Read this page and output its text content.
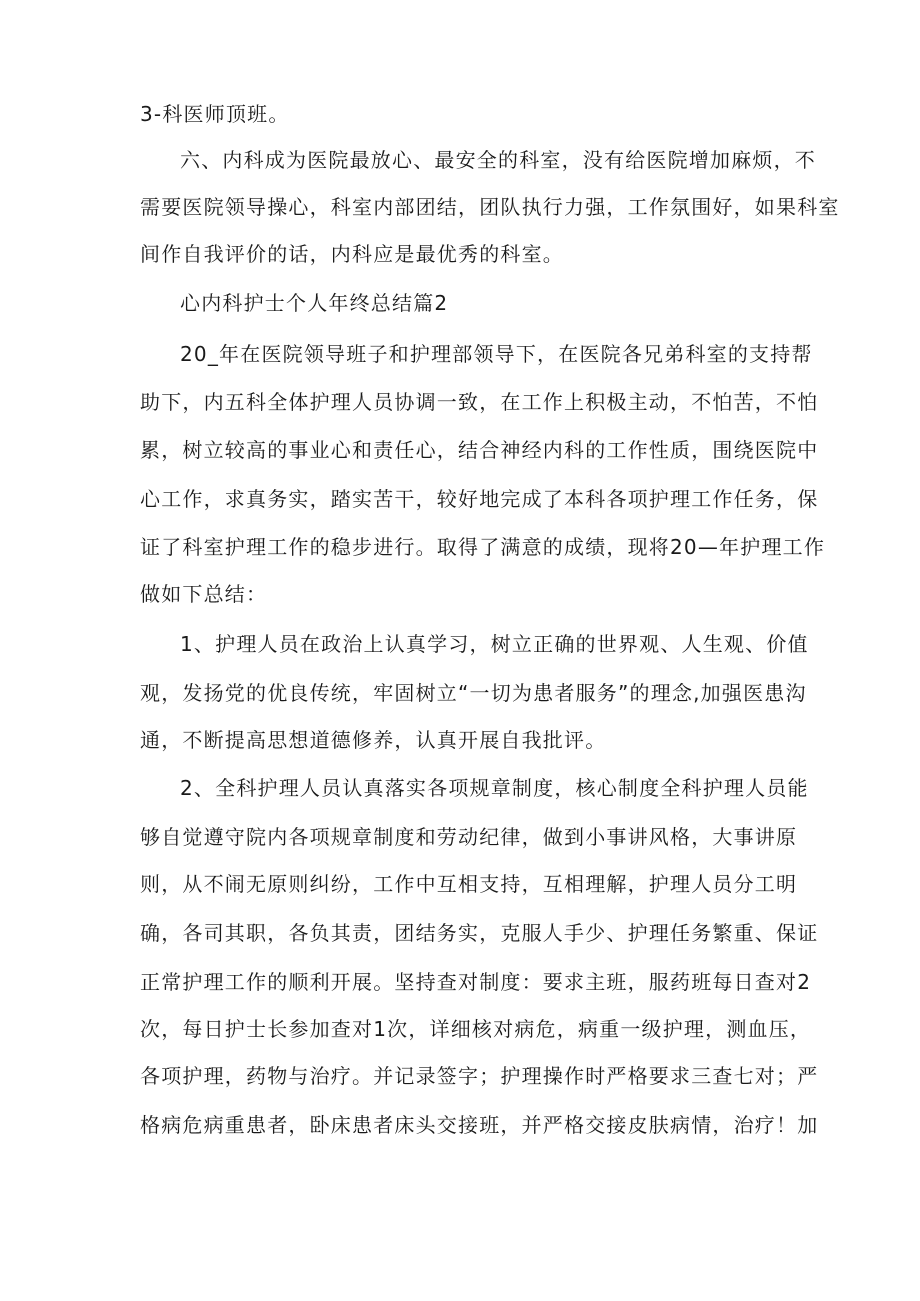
3-科医师顶班。
六、内科成为医院最放心、最安全的科室，没有给医院增加麻烦，不
需要医院领导操心，科室内部团结，团队执行力强，工作氛围好，如果科室
间作自我评价的话，内科应是最优秀的科室。
心内科护士个人年终总结篇2
20_年在医院领导班子和护理部领导下，在医院各兄弟科室的支持帮
助下，内五科全体护理人员协调一致，在工作上积极主动，不怕苦，不怕
累，树立较高的事业心和责任心，结合神经内科的工作性质，围绕医院中
心工作，求真务实，踏实苦干，较好地完成了本科各项护理工作任务，保
证了科室护理工作的稳步进行。取得了满意的成绩，现将20—年护理工作
做如下总结：
1、护理人员在政治上认真学习，树立正确的世界观、人生观、价值
观，发扬党的优良传统，牢固树立“一切为患者服务”的理念,加强医患沟
通，不断提高思想道德修养，认真开展自我批评。
2、全科护理人员认真落实各项规章制度，核心制度全科护理人员能
够自觉遵守院内各项规章制度和劳动纪律，做到小事讲风格，大事讲原
则，从不闹无原则纠纷，工作中互相支持，互相理解，护理人员分工明
确，各司其职，各负其责，团结务实，克服人手少、护理任务繁重、保证
正常护理工作的顺利开展。坚持查对制度：要求主班，服药班每日查对2
次，每日护士长参加查对1次，详细核对病危，病重一级护理，测血压，
各项护理，药物与治疗。并记录签字；护理操作时严格要求三查七对；严
格病危病重患者，卧床患者床头交接班，并严格交接皮肤病情，治疗！加
